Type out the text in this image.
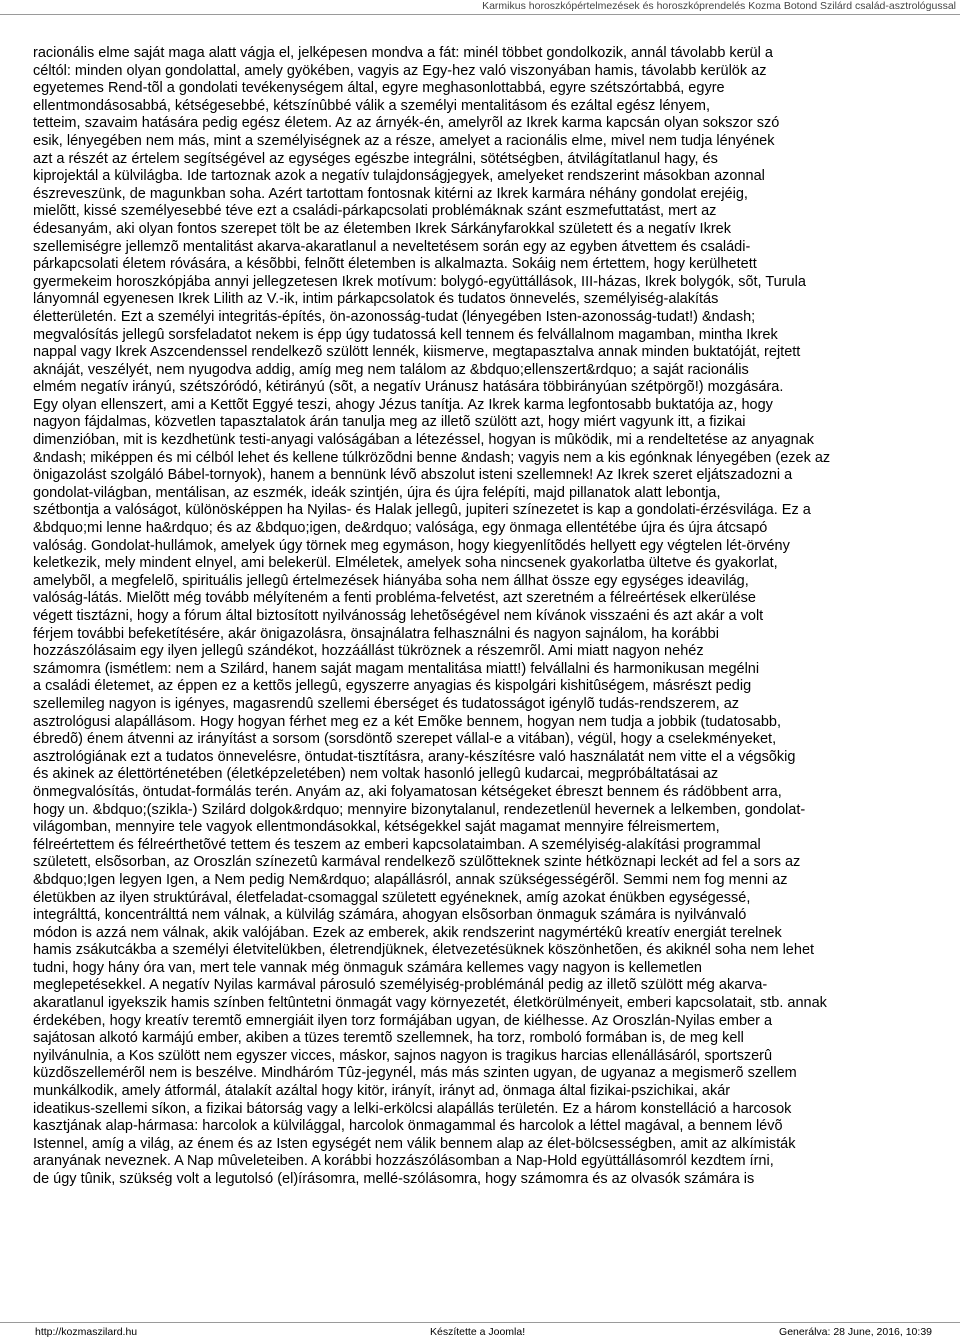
Karmikus horoszkópértelmezések és horoszkóprendelés Kozma Botond Szilárd család-asztrológussal
racionális elme saját maga alatt vágja el, jelképesen mondva a fát: minél többet gondolkozik, annál távolabb kerül a
céltól: minden olyan gondolattal, amely gyökében, vagyis az Egy-hez való viszonyában hamis, távolabb kerülök az
egyetemes Rend-tõl a gondolati tevékenységem által, egyre meghasonlottabbá, egyre szétszórtabbá, egyre
ellentmondásosabbá, kétségesebbé, kétszínûbbé válik a személyi mentalitásom és ezáltal egész lényem,
tetteim, szavaim hatására pedig egész életem. Az az árnyék-én, amelyrõl az Ikrek karma kapcsán olyan sokszor szó
esik, lényegében nem más, mint a személyiségnek az a része, amelyet a racionális elme, mivel nem tudja lényének
azt a részét az értelem segítségével az egységes egészbe integrálni, sötétségben, átvilágítatlanul hagy, és
kiprojektál a külvilágba. Ide tartoznak azok a negatív tulajdonságjegyek, amelyeket rendszerint másokban azonnal
észreveszünk, de magunkban soha. Azért tartottam fontosnak kitérni az Ikrek karmára néhány gondolat erejéig,
mielõtt, kissé személyesebbé téve ezt a családi-párkapcsolati problémáknak szánt eszmefuttatást, mert az
édesanyám, aki olyan fontos szerepet tölt be az életemben Ikrek Sárkányfarokkal született és a negatív Ikrek
szellemiségre jellemzõ mentalitást akarva-akaratlanul a neveltetésem során egy az egyben átvettem és családi-
párkapcsolati életem róvására, a késõbbi, felnõtt életemben is alkalmazta. Sokáig nem értettem, hogy kerülhetett
gyermekeim horoszkópjába annyi jellegzetesen Ikrek motívum: bolygó-együttállások, III-házas, Ikrek bolygók, sõt, Turula
lányomnál egyenesen Ikrek Lilith az V.-ik, intim párkapcsolatok és tudatos önnevelés, személyiség-alakítás
életterületén. Ezt a személyi integritás-építés, ön-azonosság-tudat (lényegében Isten-azonosság-tudat!) &ndash;
megvalósítás jellegû sorsfeladatot nekem is épp úgy tudatossá kell tennem és felvállalnom magamban, mintha Ikrek
nappal vagy Ikrek Aszcendenssel rendelkezõ szülött lennék, kiismerve, megtapasztalva annak minden buktatóját, rejtett
aknáját, veszélyét, nem nyugodva addig, amíg meg nem találom az &bdquo;ellenszert&rdquo; a saját racionális
elmém negatív irányú, szétszóródó, kétirányú (sõt, a negatív Uránusz hatására többirányúan szétpörgõ!) mozgására.
Egy olyan ellenszert, ami a Kettõt Eggyé teszi, ahogy Jézus tanítja. Az Ikrek karma legfontosabb buktatója az, hogy
nagyon fájdalmas, közvetlen tapasztalatok árán tanulja meg az illetõ szülött azt, hogy miért vagyunk itt, a fizikai
dimenzióban, mit is kezdhetünk testi-anyagi valóságában a létezéssel, hogyan is mûködik, mi a rendeltetése az anyagnak
&ndash; miképpen és mi célból lehet és kellene túlkrözõdni benne &ndash; vagyis nem a kis egónknak lényegében (ezek az
önigazolást szolgáló Bábel-tornyok), hanem a bennünk lévõ abszolut isteni szellemnek! Az Ikrek szeret eljátszadozni a
gondolat-világban, mentálisan, az eszmék, ideák szintjén, újra és újra felépíti, majd pillanatok alatt lebontja,
szétbontja a valóságot, különösképpen ha Nyilas- és Halak jellegû, jupiteri színezetet is kap a gondolati-érzésvilága. Ez a
&bdquo;mi lenne ha&rdquo; és az &bdquo;igen, de&rdquo; valósága, egy önmaga ellentétébe újra és újra átcsapó
valóság. Gondolat-hullámok, amelyek úgy törnek meg egymáson, hogy kiegyenlítõdés hellyett egy végtelen lét-örvény
keletkezik, mely mindent elnyel, ami belekerül. Elméletek, amelyek soha nincsenek gyakorlatba ültetve és gyakorlat,
amelybõl, a megfelelõ, spirituális jellegû értelmezések hiányába soha nem állhat össze egy egységes ideavilág,
valóság-látás. Mielõtt még tovább mélyíteném a fenti probléma-felvetést, azt szeretném a félreértések elkerülése
végett tisztázni, hogy a fórum által biztosított nyilvánosság lehetõségével nem kívánok visszaéni és azt akár a volt
férjem további befeketítésére, akár önigazolásra, önsajnálatra felhasználni és nagyon sajnálom, ha korábbi
hozzászólásaim egy ilyen jellegû szándékot, hozzáállást tükröznek a részemrõl. Ami miatt nagyon nehéz
számomra (ismétlem: nem a Szilárd, hanem saját magam mentalitása miatt!) felvállalni és harmonikusan megélni
a családi életemet, az éppen ez a kettõs jellegû, egyszerre anyagias és kispolgári kishitûségem, másrészt pedig
szellemileg nagyon is igényes, magasrendû szellemi éberséget és tudatosságot igénylõ tudás-rendszerem, az
asztrológusi alapállásom. Hogy hogyan férhet meg ez a két Emõke bennem, hogyan nem tudja a jobbik (tudatosabb,
ébredõ) énem átvenni az irányítást a sorsom (sorsdöntõ szerepet vállal-e a vitában), végül, hogy a cselekményeket,
asztrológiának ezt a tudatos önnevelésre, öntudat-tisztításra, arany-készítésre való használatát nem vitte el a végsõkig
és akinek az élettörténetében (életképzeletében) nem voltak hasonló jellegû kudarcai, megpróbáltatásai az
önmegvalósítás, öntudat-formálás terén. Anyám az, aki folyamatosan kétségeket ébreszt bennem és rádöbbent arra,
hogy un. &bdquo;(szikla-) Szilárd dolgok&rdquo; mennyire bizonytalanul, rendezetlenül hevernek a lelkemben, gondolat-
világomban, mennyire tele vagyok ellentmondásokkal, kétségekkel saját magamat mennyire félreismertem,
félreértettem és félreérthetõvé tettem és teszem az emberi kapcsolataimban. A személyiség-alakítási programmal
született, elsõsorban, az Oroszlán színezetû karmával rendelkezõ szülõtteknek szinte hétköznapi leckét ad fel a sors az
&bdquo;Igen legyen Igen, a Nem pedig Nem&rdquo; alapállásról, annak szükségességérõl. Semmi nem fog menni az
életükben az ilyen struktúrával, életfeladat-csomaggal született egyéneknek, amíg azokat énükben egységessé,
integrálttá, koncentrálttá nem válnak, a külvilág számára, ahogyan elsõsorban önmaguk számára is nyilvánvaló
módon is azzá nem válnak, akik valójában. Ezek az emberek, akik rendszerint nagymértékû kreatív energiát terelnek
hamis zsákutcákba a személyi életvitelükben, életrendjüknek, életvezetésüknek köszönhetõen, és akiknél soha nem lehet
tudni, hogy hány óra van, mert tele vannak még önmaguk számára kellemes vagy nagyon is kellemetlen
meglepetésekkel. A negatív Nyilas karmával párosuló személyiség-problémánál pedig az illetõ szülött még akarva-
akaratlanul igyekszik hamis színben feltûntetni önmagát vagy környezetét, életkörülményeit, emberi kapcsolatait, stb. annak
érdekében, hogy kreatív teremtõ emnergiáit ilyen torz formájában ugyan, de kiélhesse. Az Oroszlán-Nyilas ember a
sajátosan alkotó karmájú ember, akiben a tüzes teremtõ szellemnek, ha torz, romboló formában is, de meg kell
nyilvánulnia, a Kos szülött nem egyszer vicces, máskor, sajnos nagyon is tragikus harcias ellenállásáról, sportszerû
küzdõszellemérõl nem is beszélve. Mindháróm Tûz-jegynél, más más szinten ugyan, de ugyanaz a megismerõ szellem
munkálkodik, amely átformál, átalakít azáltal hogy kitör, irányít, irányt ad, önmaga által fizikai-pszichikai, akár
ideatikus-szellemi síkon, a fizikai bátorság vagy a lelki-erkölcsi alapállás területén. Ez a három konstelláció a harcosok
kasztjának alap-hármasa: harcolok a külvilággal, harcolok önmagammal és harcolok a léttel magával, a bennem lévõ
Istennel, amíg a világ, az énem és az Isten egységét nem válik bennem alap az élet-bölcsességben, amit az alkímisták
aranyának neveznek. A Nap mûveleteiben. A korábbi hozzászólásomban a Nap-Hold együttállásomról kezdtem írni,
de úgy tûnik, szükség volt a legutolsó (el)írásomra, mellé-szólásomra, hogy számomra és az olvasók számára is
http://kozmaszilard.hu	Készítette a Joomla!	Generálva: 28 June, 2016, 10:39
